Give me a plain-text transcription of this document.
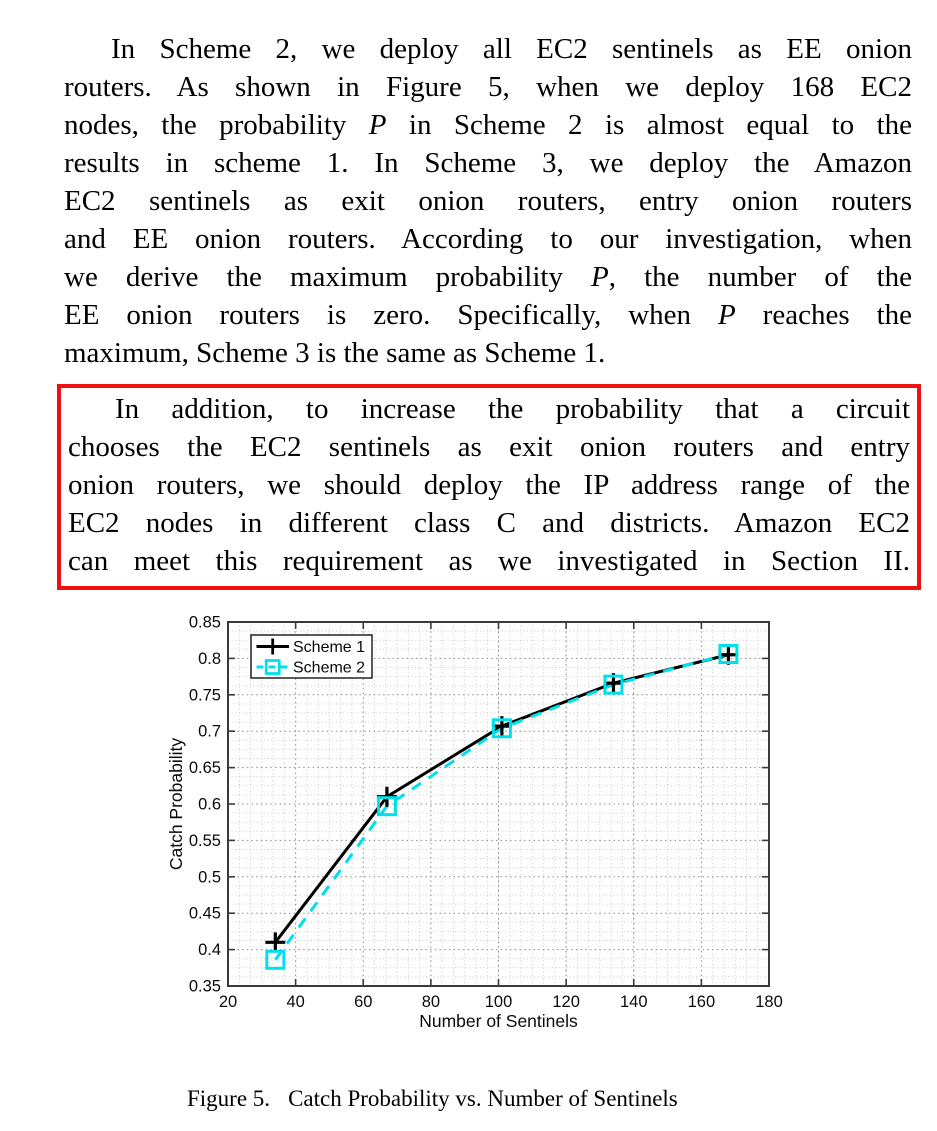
In Scheme 2, we deploy all EC2 sentinels as EE onion
routers. As shown in Figure 5, when we deploy 168 EC2
nodes, the probability P in Scheme 2 is almost equal to the
results in scheme 1. In Scheme 3, we deploy the Amazon
EC2 sentinels as exit onion routers, entry onion routers
and EE onion routers. According to our investigation, when
we derive the maximum probability P, the number of the
EE onion routers is zero. Specifically, when P reaches the
maximum, Scheme 3 is the same as Scheme 1.
In addition, to increase the probability that a circuit
chooses the EC2 sentinels as exit onion routers and entry
onion routers, we should deploy the IP address range of the
EC2 nodes in different class C and districts. Amazon EC2
can meet this requirement as we investigated in Section II.
20	40	60	80	100 120 140 160 180
0.35
0.4
0.45
0.5
0.55
0.6
0.65
0.7
0.75
0.8
0.85
Number of Sentinels
Catch Probability
Scheme 1
Scheme 2
Figure 5. Catch Probability vs. Number of Sentinels
